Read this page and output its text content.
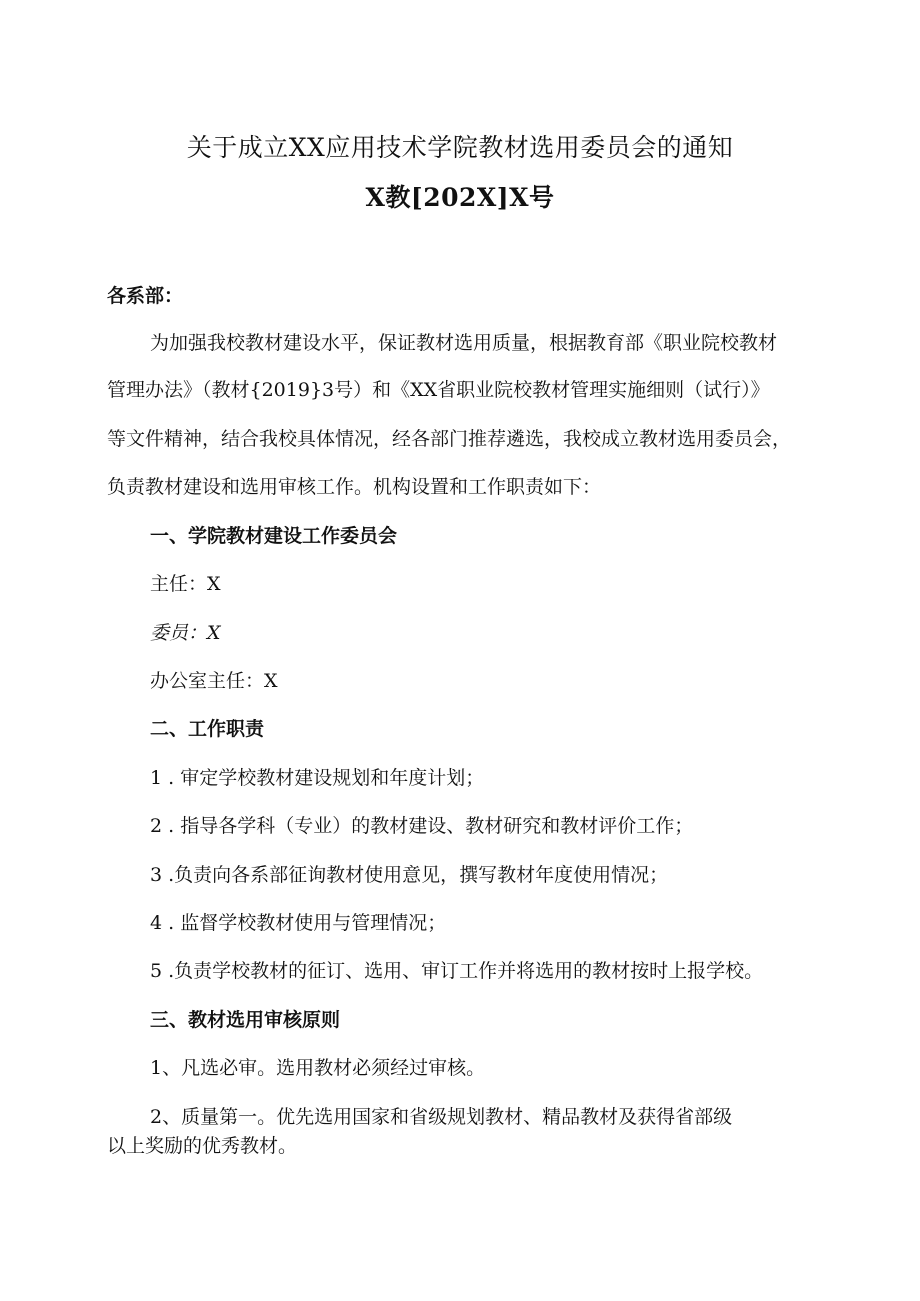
关于成立XX应用技术学院教材选用委员会的通知
X教[202X]X号
各系部：
为加强我校教材建设水平，保证教材选用质量，根据教育部《职业院校教材
管理办法》（教材{2019}3号）和《XX省职业院校教材管理实施细则（试行）》
等文件精神，结合我校具体情况，经各部门推荐遴选，我校成立教材选用委员会，
负责教材建设和选用审核工作。机构设置和工作职责如下：
一、学院教材建设工作委员会
主任：X
委员：X
办公室主任：X
二、工作职责
1 . 审定学校教材建设规划和年度计划；
2 . 指导各学科（专业）的教材建设、教材研究和教材评价工作；
3 .负责向各系部征询教材使用意见，撰写教材年度使用情况；
4 . 监督学校教材使用与管理情况；
5 .负责学校教材的征订、选用、审订工作并将选用的教材按时上报学校。
三、教材选用审核原则
1、凡选必审。选用教材必须经过审核。
2、质量第一。优先选用国家和省级规划教材、精品教材及获得省部级
以上奖励的优秀教材。
